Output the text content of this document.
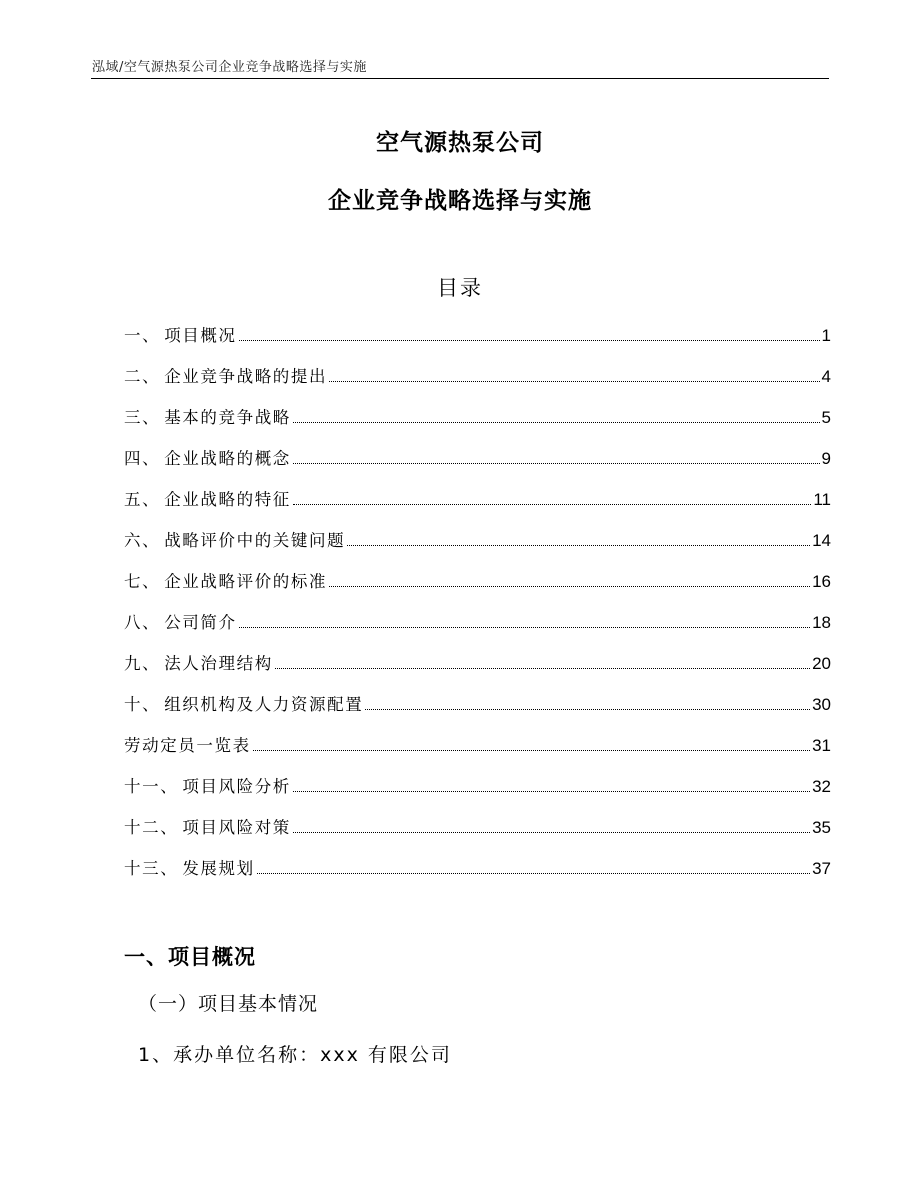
泓域/空气源热泵公司企业竞争战略选择与实施
空气源热泵公司
企业竞争战略选择与实施
目录
一、 项目概况	1
二、 企业竞争战略的提出	4
三、 基本的竞争战略	5
四、 企业战略的概念	9
五、 企业战略的特征	11
六、 战略评价中的关键问题	14
七、 企业战略评价的标准	16
八、 公司简介	18
九、 法人治理结构	20
十、 组织机构及人力资源配置	30
劳动定员一览表	31
十一、 项目风险分析	32
十二、 项目风险对策	35
十三、 发展规划	37
一、项目概况
（一）项目基本情况
1、承办单位名称：xxx 有限公司
